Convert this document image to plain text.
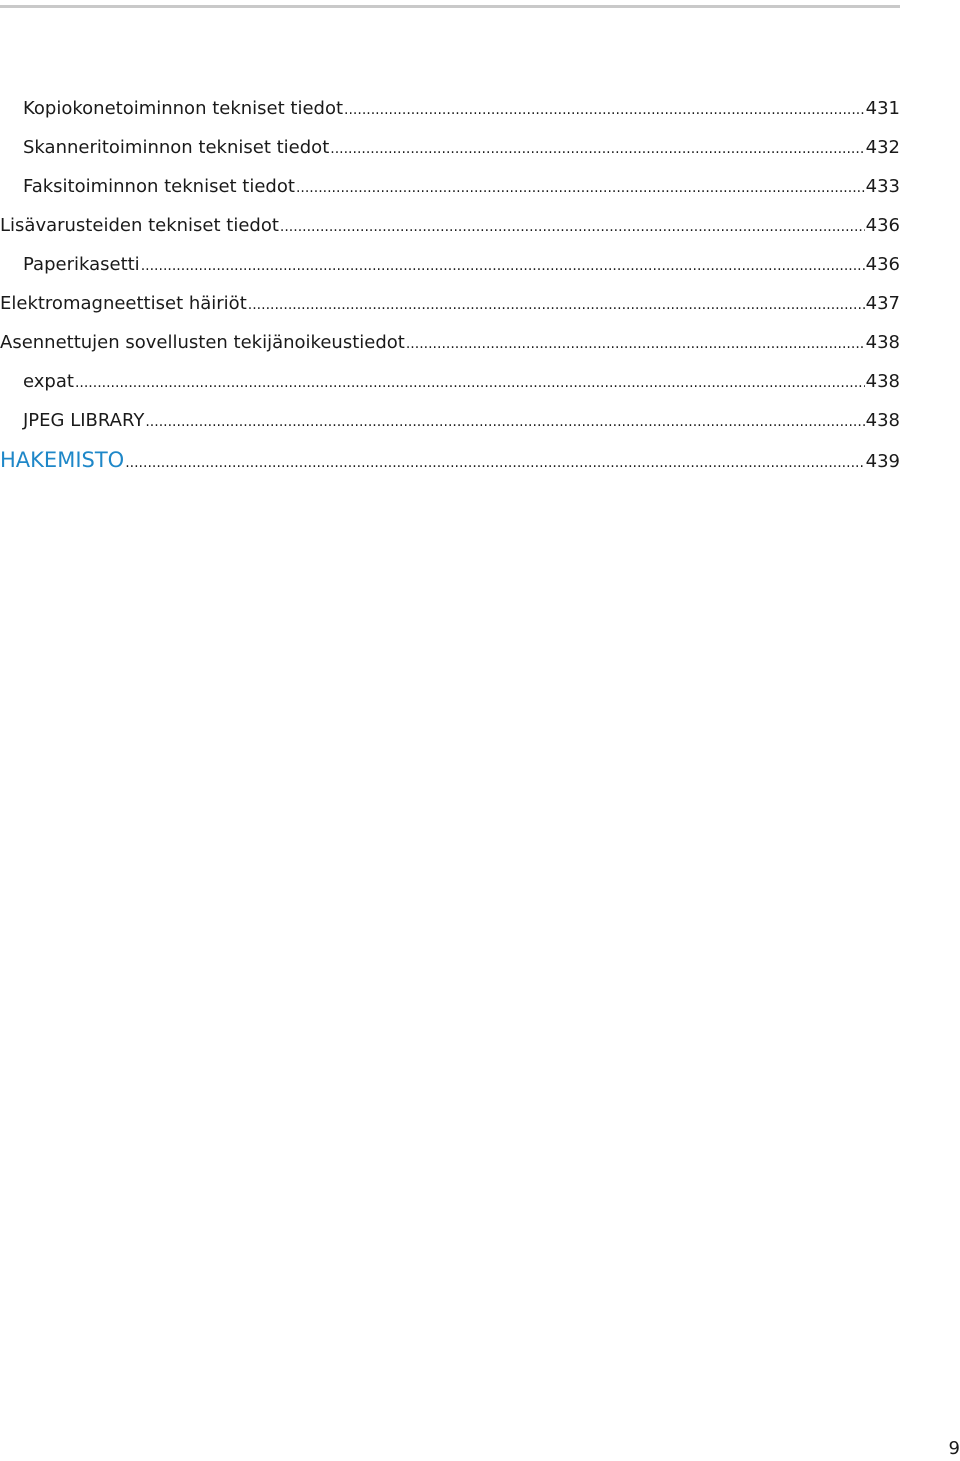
Kopiokonetoiminnon tekniset tiedot .....	431
Skanneritoiminnon tekniset tiedot .....	432
Faksitoiminnon tekniset tiedot .....	433
Lisävarusteiden tekniset tiedot .....	436
Paperikasetti .....	436
Elektromagneettiset häiriöt .....	437
Asennettujen sovellusten tekijänoikeustiedot .....	438
expat .....	438
JPEG LIBRARY .....	438
HAKEMISTO .....	439
9
